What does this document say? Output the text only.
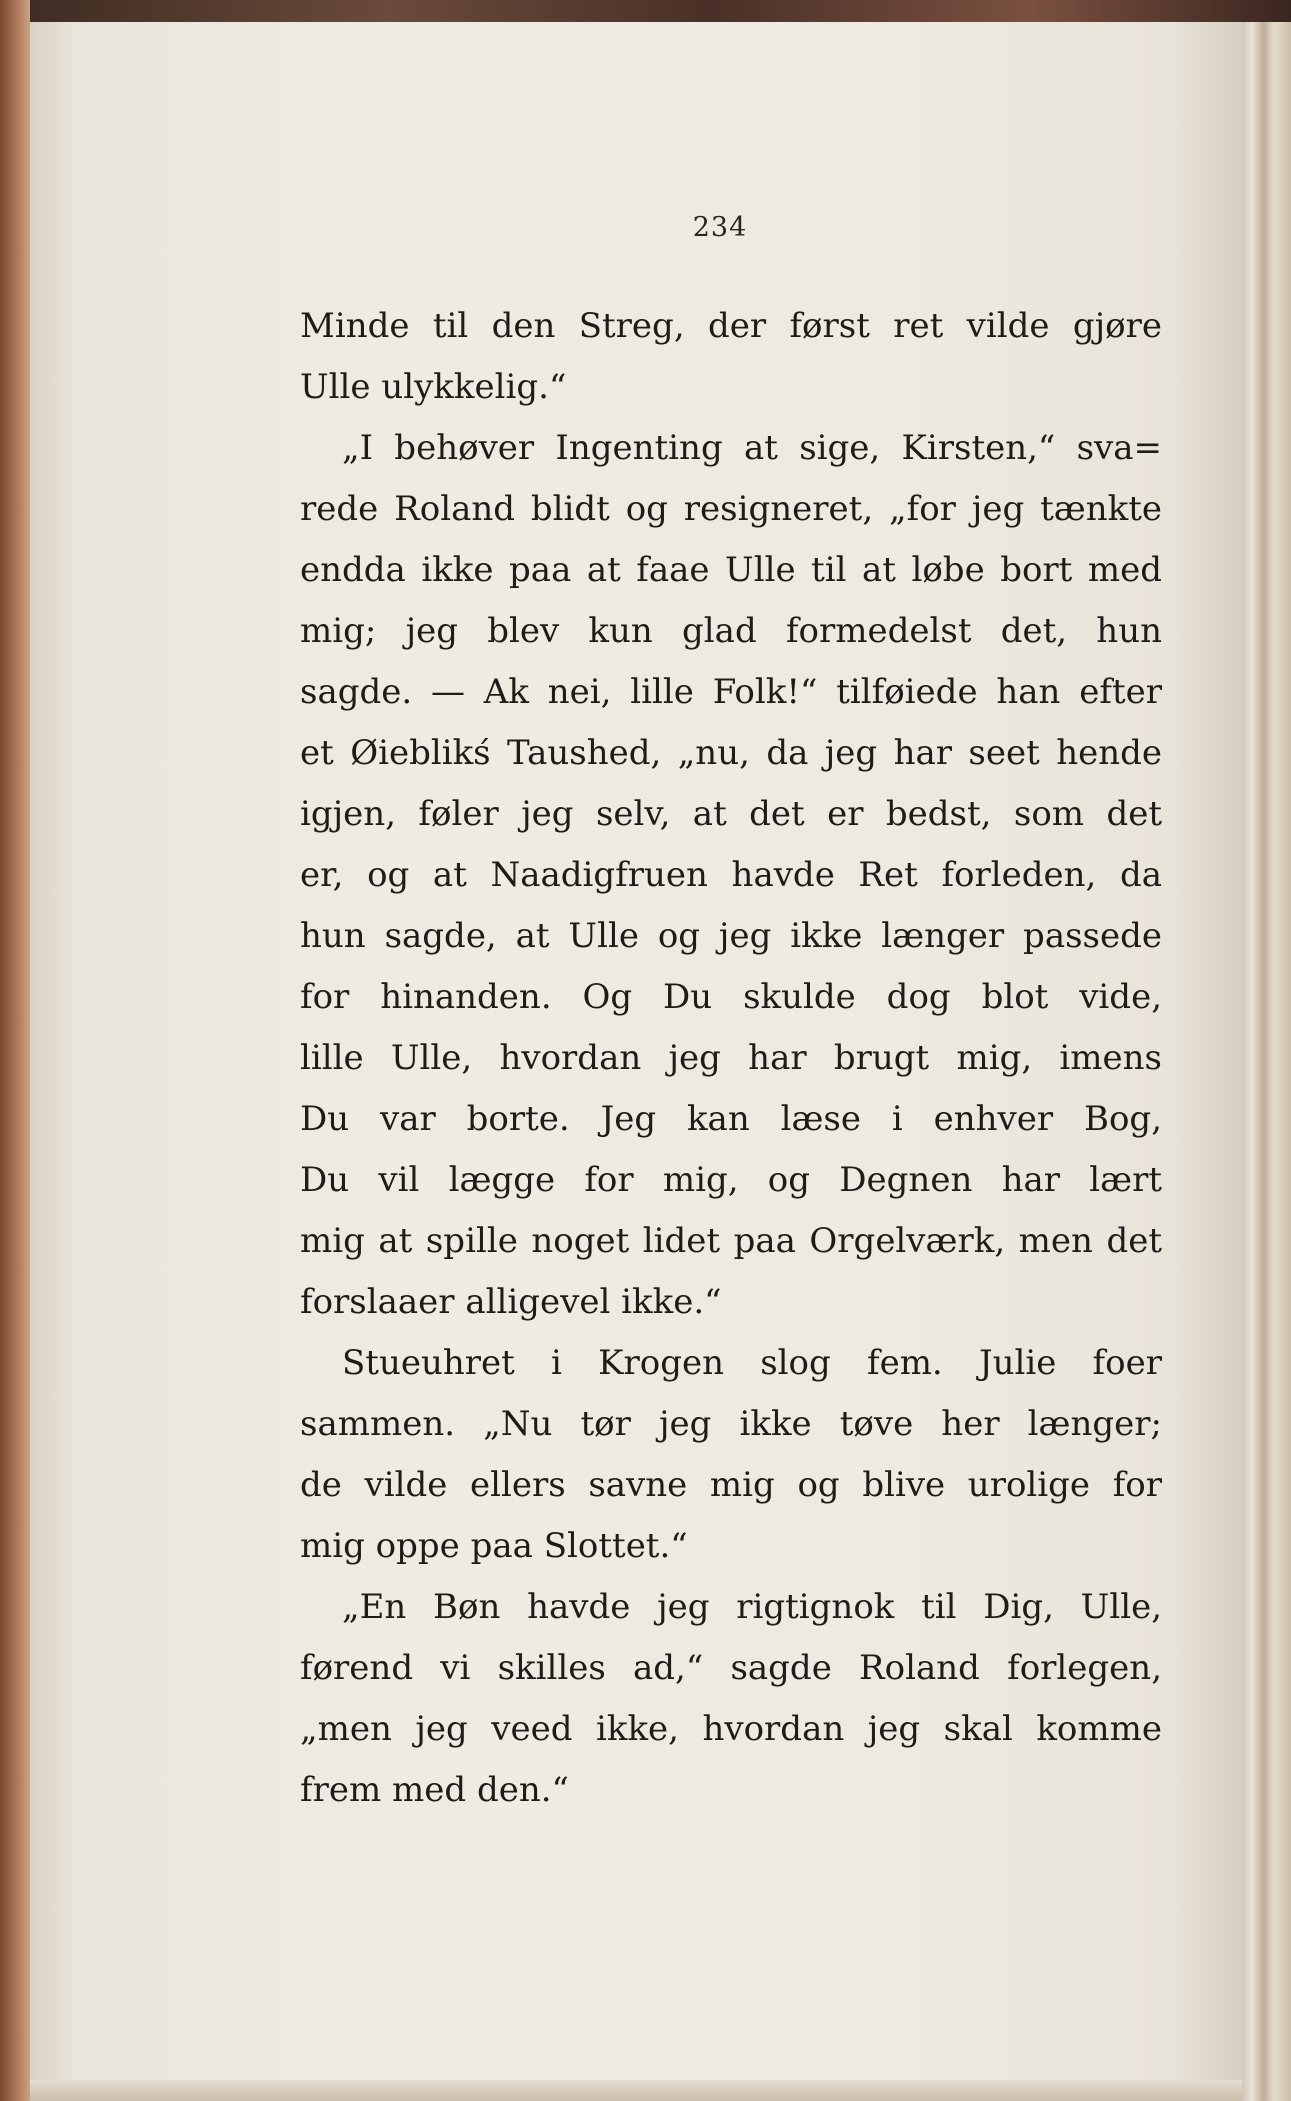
234
Minde til den Streg, der først ret vilde gjøre
Ulle ulykkelig.“
„I behøver Ingenting at sige, Kirsten,“ sva=
rede Roland blidt og resigneret, „for jeg tænkte
endda ikke paa at faae Ulle til at løbe bort med
mig; jeg blev kun glad formedelst det, hun
sagde. — Ak nei, lille Folk!“ tilføiede han efter
et Øieblikś Taushed, „nu, da jeg har seet hende
igjen, føler jeg selv, at det er bedst, som det
er, og at Naadigfruen havde Ret forleden, da
hun sagde, at Ulle og jeg ikke længer passede
for hinanden. Og Du skulde dog blot vide,
lille Ulle, hvordan jeg har brugt mig, imens
Du var borte. Jeg kan læse i enhver Bog,
Du vil lægge for mig, og Degnen har lært
mig at spille noget lidet paa Orgelværk, men det
forslaaer alligevel ikke.“
Stueuhret i Krogen slog fem. Julie foer
sammen. „Nu tør jeg ikke tøve her længer;
de vilde ellers savne mig og blive urolige for
mig oppe paa Slottet.“
„En Bøn havde jeg rigtignok til Dig, Ulle,
førend vi skilles ad,“ sagde Roland forlegen,
„men jeg veed ikke, hvordan jeg skal komme
frem med den.“
